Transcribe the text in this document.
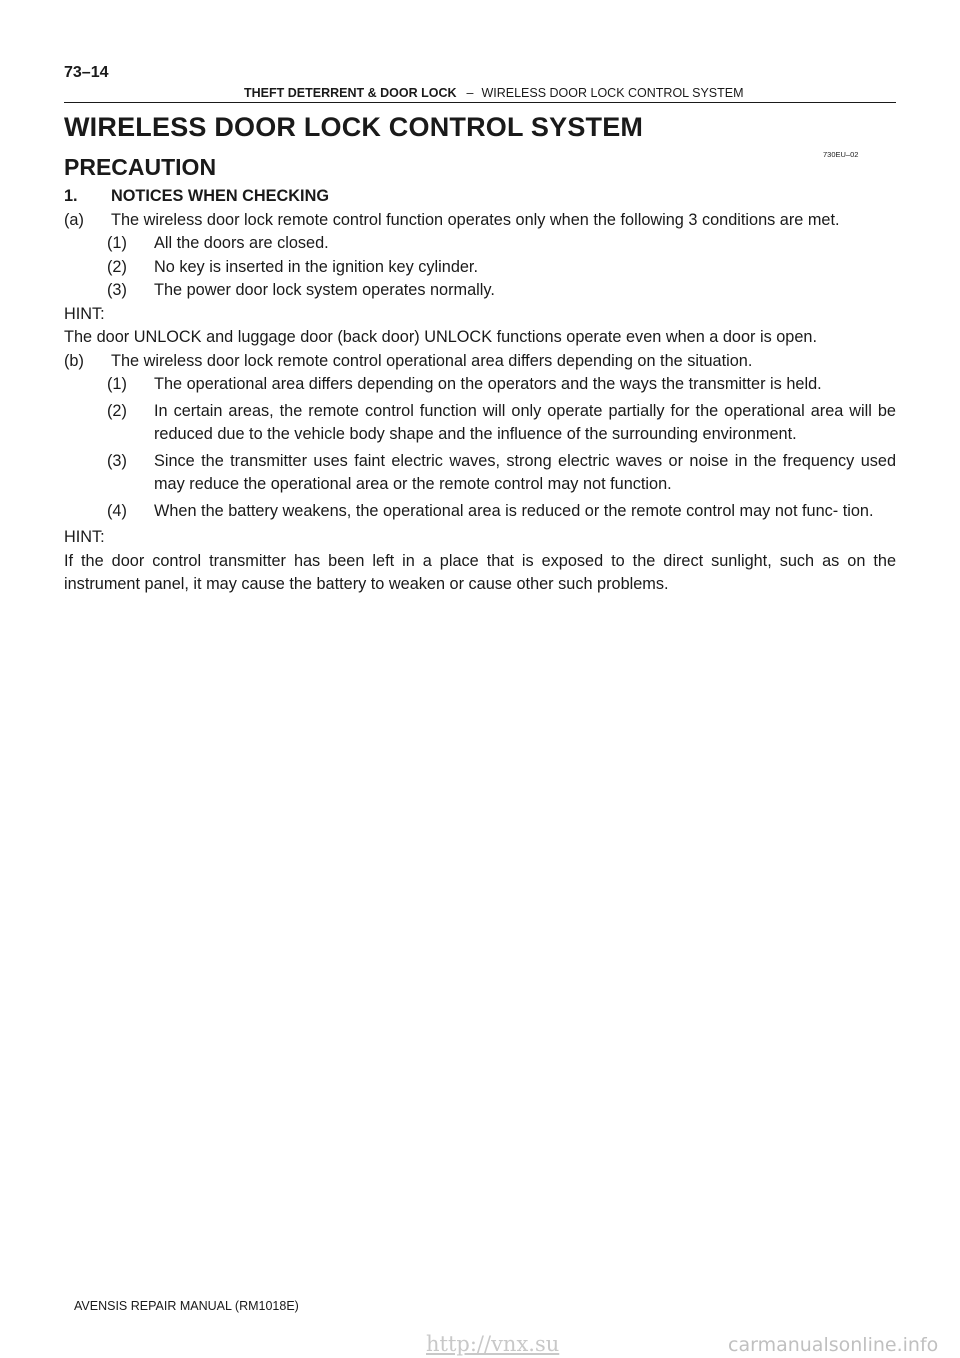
73–14
THEFT DETERRENT & DOOR LOCK – WIRELESS DOOR LOCK CONTROL SYSTEM
WIRELESS DOOR LOCK CONTROL SYSTEM
730EU–02
PRECAUTION
1. NOTICES WHEN CHECKING
(a) The wireless door lock remote control function operates only when the following 3 conditions are met.
(1) All the doors are closed.
(2) No key is inserted in the ignition key cylinder.
(3) The power door lock system operates normally.
HINT:
The door UNLOCK and luggage door (back door) UNLOCK functions operate even when a door is open.
(b) The wireless door lock remote control operational area differs depending on the situation.
(1) The operational area differs depending on the operators and the ways the transmitter is held.
(2) In certain areas, the remote control function will only operate partially for the operational area will be reduced due to the vehicle body shape and the influence of the surrounding environment.
(3) Since the transmitter uses faint electric waves, strong electric waves or noise in the frequency used may reduce the operational area or the remote control may not function.
(4) When the battery weakens, the operational area is reduced or the remote control may not func- tion.
HINT:
If the door control transmitter has been left in a place that is exposed to the direct sunlight, such as on the instrument panel, it may cause the battery to weaken or cause other such problems.
AVENSIS REPAIR MANUAL (RM1018E)
http://vnx.su	carmanualsonline.info
